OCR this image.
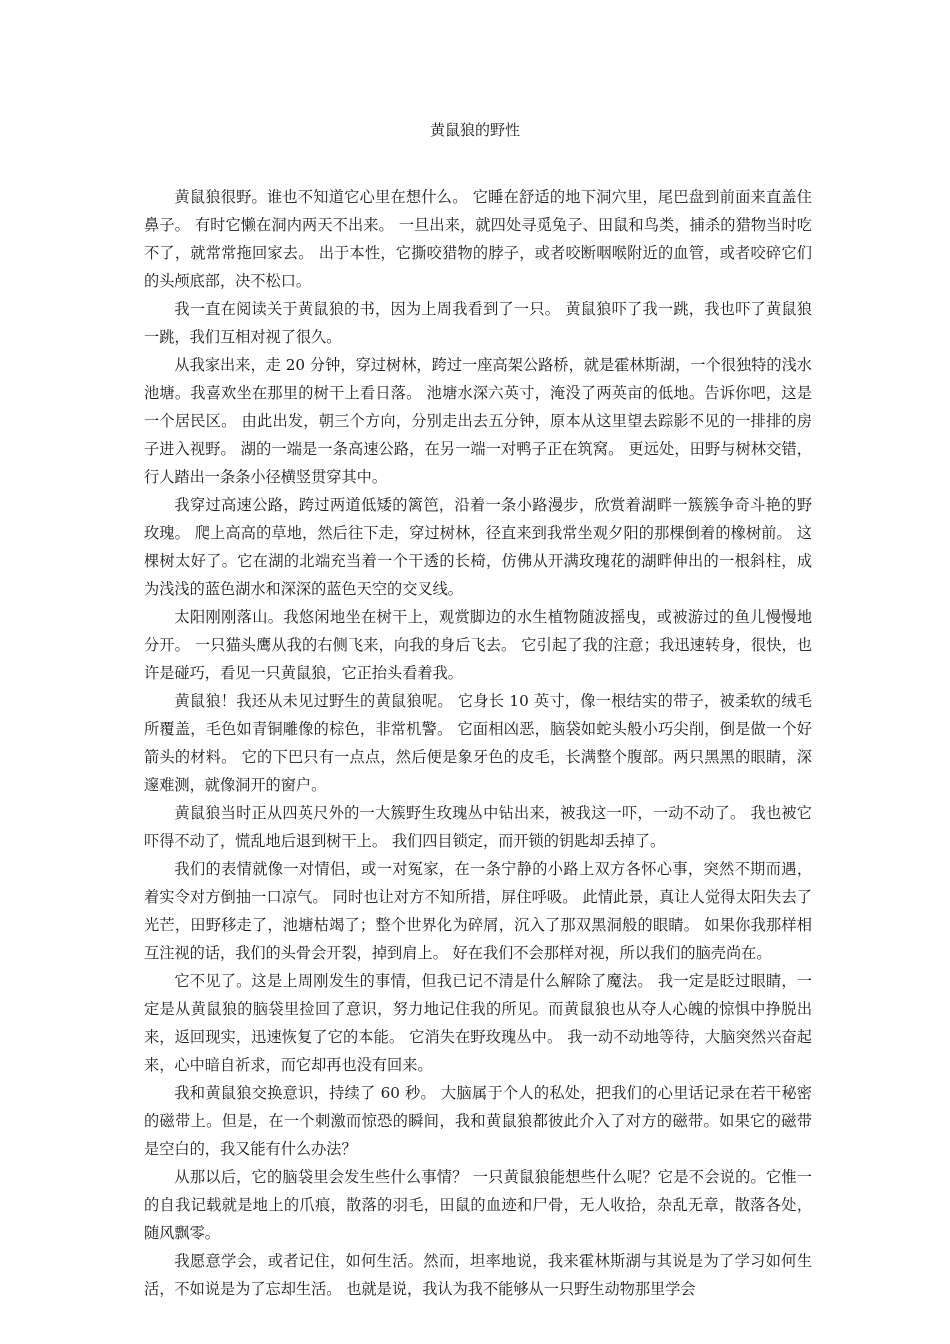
黄鼠狼的野性

黄鼠狼很野。谁也不知道它心里在想什么。 它睡在舒适的地下洞穴里，尾巴盘到前面来直盖住鼻子。 有时它懒在洞内两天不出来。 一旦出来，就四处寻觅兔子、田鼠和鸟类，捕杀的猎物当时吃不了，就常常拖回家去。 出于本性，它撕咬猎物的脖子，或者咬断咽喉附近的血管，或者咬碎它们的头颅底部，决不松口。

我一直在阅读关于黄鼠狼的书，因为上周我看到了一只。 黄鼠狼吓了我一跳，我也吓了黄鼠狼一跳，我们互相对视了很久。

从我家出来，走 20 分钟，穿过树林，跨过一座高架公路桥，就是霍林斯湖，一个很独特的浅水池塘。我喜欢坐在那里的树干上看日落。 池塘水深六英寸，淹没了两英亩的低地。告诉你吧，这是一个居民区。 由此出发，朝三个方向，分别走出去五分钟，原本从这里望去踪影不见的一排排的房子进入视野。 湖的一端是一条高速公路，在另一端一对鸭子正在筑窝。 更远处，田野与树林交错，行人踏出一条条小径横竖贯穿其中。

我穿过高速公路，跨过两道低矮的篱笆，沿着一条小路漫步，欣赏着湖畔一簇簇争奇斗艳的野玫瑰。 爬上高高的草地，然后往下走，穿过树林，径直来到我常坐观夕阳的那棵倒着的橡树前。 这棵树太好了。它在湖的北端充当着一个干透的长椅，仿佛从开满玫瑰花的湖畔伸出的一根斜柱，成为浅浅的蓝色湖水和深深的蓝色天空的交叉线。

太阳刚刚落山。我悠闲地坐在树干上，观赏脚边的水生植物随波摇曳，或被游过的鱼儿慢慢地分开。 一只猫头鹰从我的右侧飞来，向我的身后飞去。 它引起了我的注意；我迅速转身，很快，也许是碰巧，看见一只黄鼠狼，它正抬头看着我。

黄鼠狼！我还从未见过野生的黄鼠狼呢。 它身长 10 英寸，像一根结实的带子，被柔软的绒毛所覆盖，毛色如青铜雕像的棕色，非常机警。 它面相凶恶，脑袋如蛇头般小巧尖削，倒是做一个好箭头的材料。 它的下巴只有一点点，然后便是象牙色的皮毛，长满整个腹部。两只黑黑的眼睛，深邃难测，就像洞开的窗户。

黄鼠狼当时正从四英尺外的一大簇野生玫瑰丛中钻出来，被我这一吓，一动不动了。 我也被它吓得不动了，慌乱地后退到树干上。 我们四目锁定，而开锁的钥匙却丢掉了。

我们的表情就像一对情侣，或一对冤家，在一条宁静的小路上双方各怀心事，突然不期而遇，着实令对方倒抽一口凉气。 同时也让对方不知所措，屏住呼吸。 此情此景，真让人觉得太阳失去了光芒，田野移走了，池塘枯竭了；整个世界化为碎屑，沉入了那双黑洞般的眼睛。 如果你我那样相互注视的话，我们的头骨会开裂，掉到肩上。 好在我们不会那样对视，所以我们的脑壳尚在。

它不见了。这是上周刚发生的事情，但我已记不清是什么解除了魔法。 我一定是眨过眼睛，一定是从黄鼠狼的脑袋里捡回了意识，努力地记住我的所见。而黄鼠狼也从夺人心魄的惊惧中挣脱出来，返回现实，迅速恢复了它的本能。 它消失在野玫瑰丛中。 我一动不动地等待，大脑突然兴奋起来，心中暗自祈求，而它却再也没有回来。

我和黄鼠狼交换意识，持续了 60 秒。 大脑属于个人的私处，把我们的心里话记录在若干秘密的磁带上。但是，在一个刺激而惊恐的瞬间，我和黄鼠狼都彼此介入了对方的磁带。如果它的磁带是空白的，我又能有什么办法？

从那以后，它的脑袋里会发生些什么事情？ 一只黄鼠狼能想些什么呢？它是不会说的。它惟一的自我记载就是地上的爪痕，散落的羽毛，田鼠的血迹和尸骨，无人收拾，杂乱无章，散落各处，随风飘零。

我愿意学会，或者记住，如何生活。然而，坦率地说，我来霍林斯湖与其说是为了学习如何生活，不如说是为了忘却生活。 也就是说，我认为我不能够从一只野生动物那里学会
